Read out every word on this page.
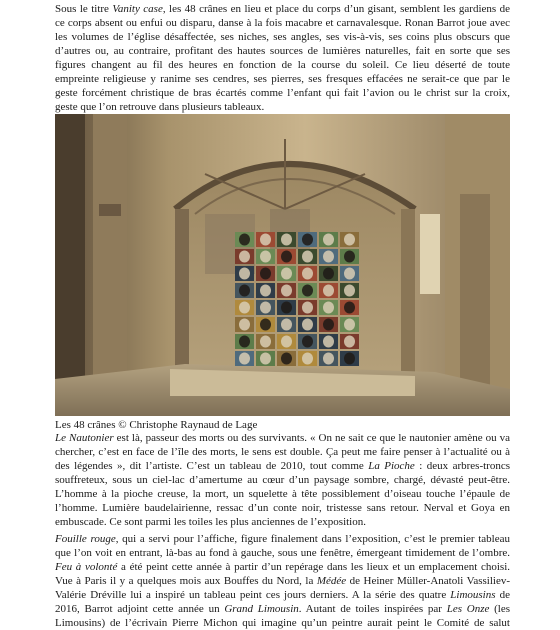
Sous le titre Vanity case, les 48 crânes en lieu et place du corps d’un gisant, semblent les gardiens de
ce corps absent ou enfui ou disparu, danse à la fois macabre et carnavalesque. Ronan Barrot joue avec
les volumes de l’église désaffectée, ses niches, ses angles, ses vis-à-vis, ses coins plus obscurs que
d’autres ou, au contraire, profitant des hautes sources de lumières naturelles, fait en sorte que ses
figures changent au fil des heures en fonction de la course du soleil. Ce lieu déserté de toute
empreinte religieuse y ranime ses cendres, ses pierres, ses fresques effacées ne serait-ce que par le
geste forcément christique de bras écartés comme l’enfant qui fait l’avion ou le christ sur la croix,
geste que l’on retrouve dans plusieurs tableaux.

Les 48 crânes © Christophe Raynaud de Lage

Le Nautonier est là, passeur des morts ou des survivants. « On ne sait ce que le nautonier amène ou va
chercher, c’est en face de l’île des morts, le sens est double. Ça peut me faire penser à l’actualité ou à
des légendes », dit l’artiste. C’est un tableau de 2010, tout comme La Pioche : deux arbres-troncs
souffreteux, sous un ciel-lac d’amertume au cœur d’un paysage sombre, chargé, dévasté peut-être.
L’homme à la pioche creuse, la mort, un squelette à tête possiblement d’oiseau touche l’épaule de
l’homme. Lumière baudelairienne, ressac d’un conte noir, tristesse sans retour. Nerval et Goya en
embuscade. Ce sont parmi les toiles les plus anciennes de l’exposition.

Fouille rouge, qui a servi pour l’affiche, figure finalement dans l’exposition, c’est le premier tableau
que l’on voit en entrant, là-bas au fond à gauche, sous une fenêtre, émergeant timidement de l’ombre.
Feu à volonté a été peint cette année à partir d’un repérage dans les lieux et un emplacement choisi.
Vue à Paris il y a quelques mois aux Bouffes du Nord, la Médée de Heiner Müller-Anatoli Vassiliev-
Valérie Dréville lui a inspiré un tableau peint ces jours derniers. A la série des quatre Limousins de
2016, Barrot adjoint cette année un Grand Limousin. Autant de toiles inspirées par Les Onze (les
Limousins) de l’écrivain Pierre Michon qui imagine qu’un peintre aurait peint le Comité de salut
